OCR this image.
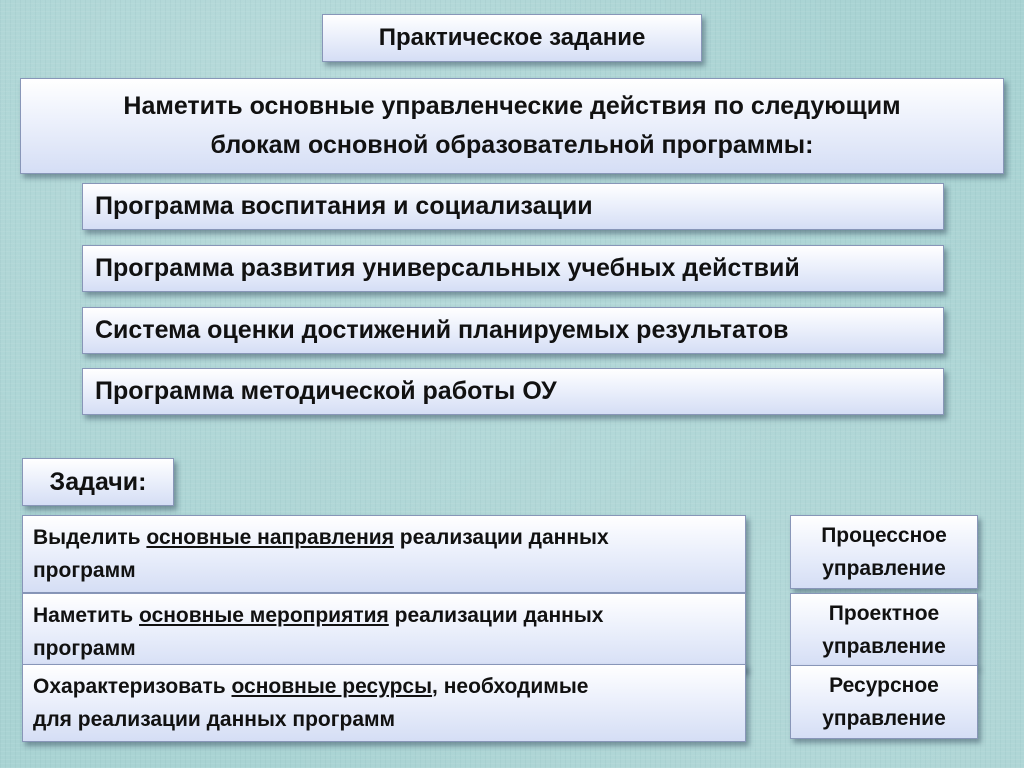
Практическое задание
Наметить основные управленческие действия по следующим
блокам основной образовательной программы:
Программа воспитания и социализации
Программа развития универсальных учебных действий
Система оценки достижений планируемых результатов
Программа методической работы ОУ
Задачи:
Выделить основные направления реализации данных
программ
Наметить основные мероприятия реализации данных
программ
Охарактеризовать основные ресурсы, необходимые
для реализации данных программ
Процессное
управление
Проектное
управление
Ресурсное
управление
